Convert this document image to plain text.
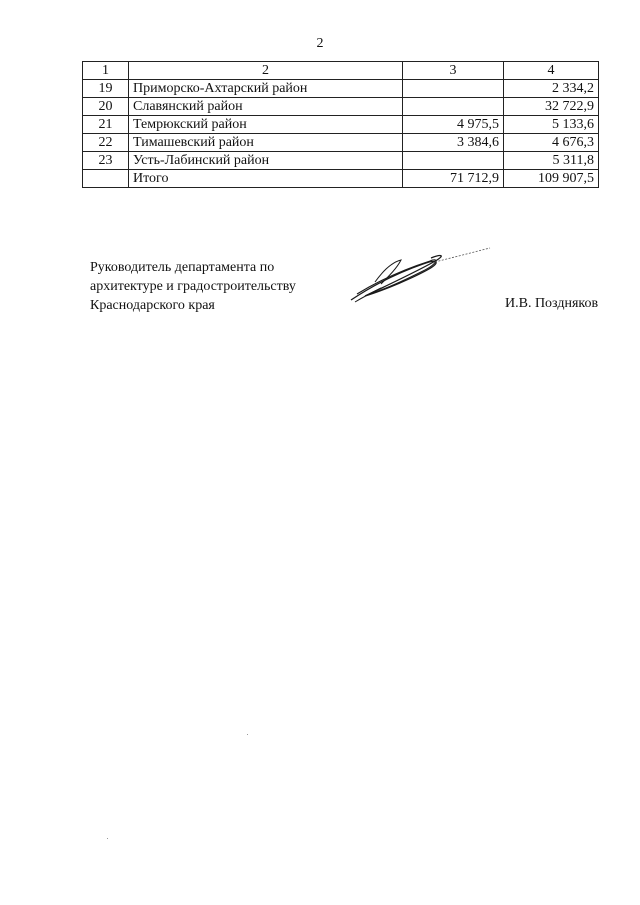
2
1	2	3	4
19	Приморско-Ахтарский район		2 334,2
20	Славянский район		32 722,9
21	Темрюкский район	4 975,5	5 133,6
22	Тимашевский район	3 384,6	4 676,3
23	Усть-Лабинский район		5 311,8
	Итого	71 712,9	109 907,5
Руководитель департамента по
архитектуре и градостроительству
Краснодарского края	И.В. Поздняков
